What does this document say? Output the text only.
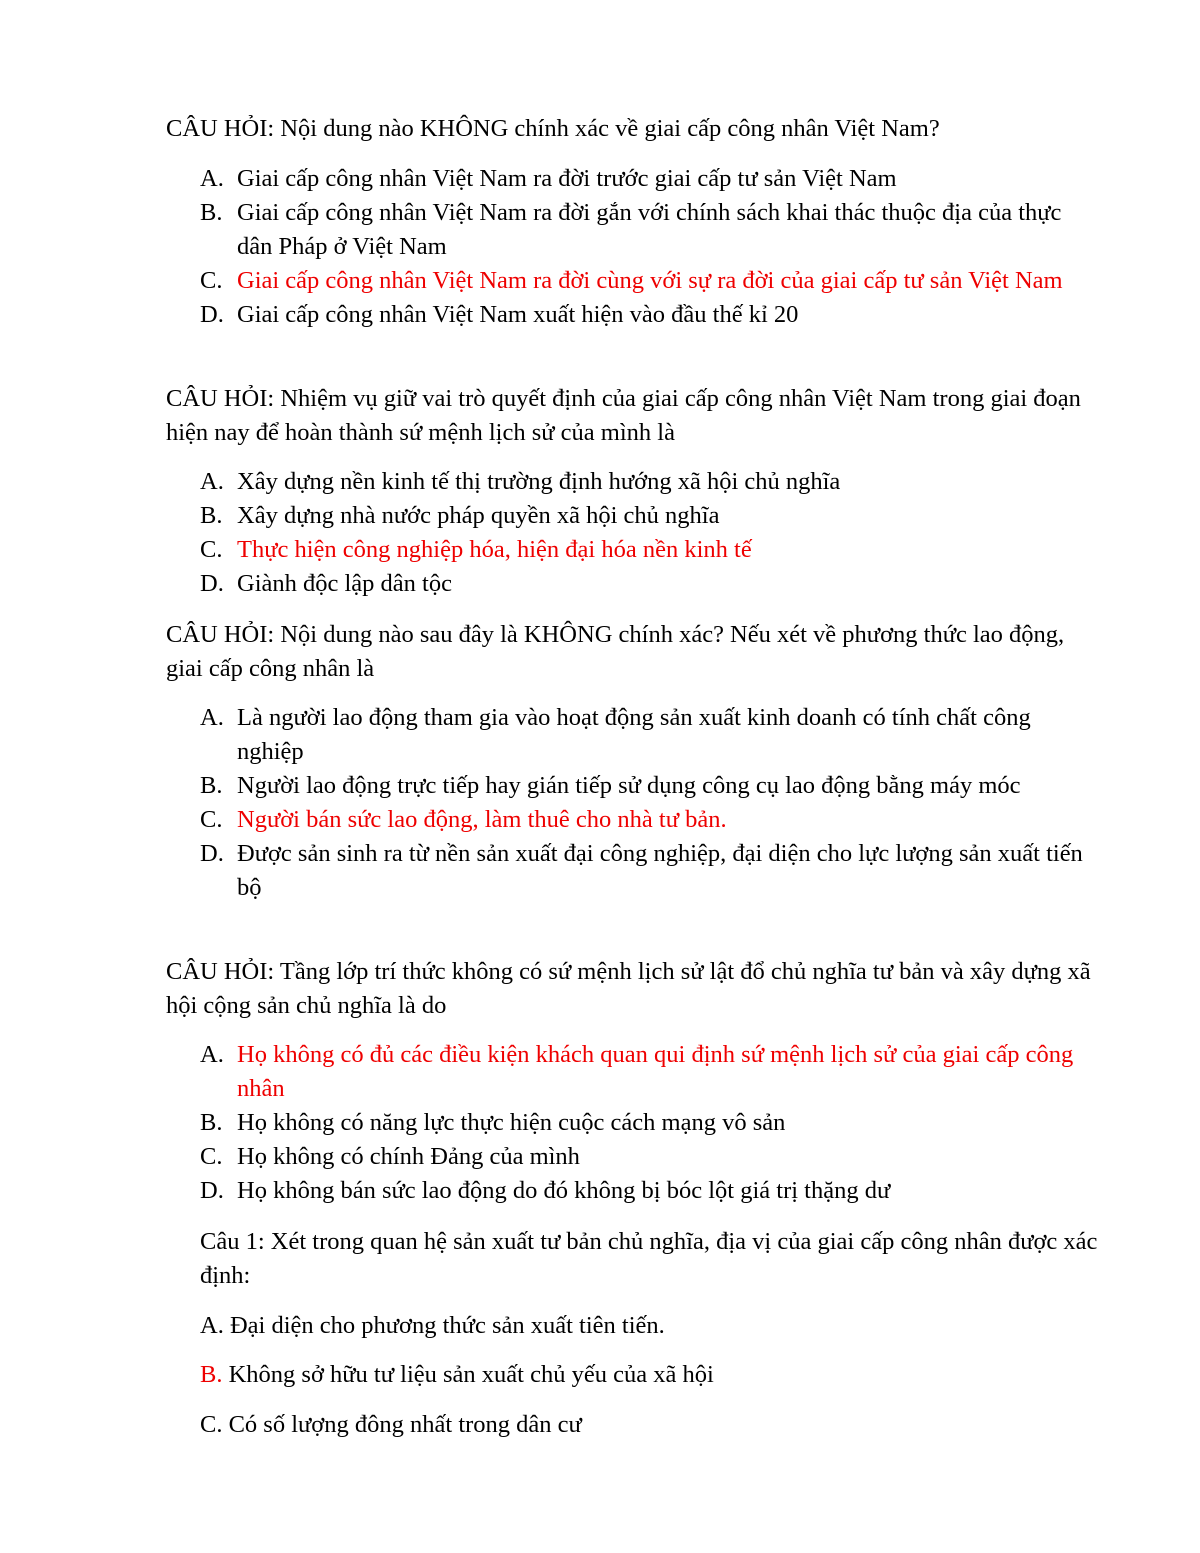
CÂU HỎI: Nội dung nào KHÔNG chính xác về giai cấp công nhân Việt Nam?

A. Giai cấp công nhân Việt Nam ra đời trước giai cấp tư sản Việt Nam
B. Giai cấp công nhân Việt Nam ra đời gắn với chính sách khai thác thuộc địa của thực dân Pháp ở Việt Nam
C. Giai cấp công nhân Việt Nam ra đời cùng với sự ra đời của giai cấp tư sản Việt Nam
D. Giai cấp công nhân Việt Nam xuất hiện vào đầu thế kỉ 20

CÂU HỎI: Nhiệm vụ giữ vai trò quyết định của giai cấp công nhân Việt Nam trong giai đoạn hiện nay để hoàn thành sứ mệnh lịch sử của mình là

A. Xây dựng nền kinh tế thị trường định hướng xã hội chủ nghĩa
B. Xây dựng nhà nước pháp quyền xã hội chủ nghĩa
C. Thực hiện công nghiệp hóa, hiện đại hóa nền kinh tế
D. Giành độc lập dân tộc

CÂU HỎI: Nội dung nào sau đây là KHÔNG chính xác? Nếu xét về phương thức lao động, giai cấp công nhân là

A. Là người lao động tham gia vào hoạt động sản xuất kinh doanh có tính chất công nghiệp
B. Người lao động trực tiếp hay gián tiếp sử dụng công cụ lao động bằng máy móc
C. Người bán sức lao động, làm thuê cho nhà tư bản.
D. Được sản sinh ra từ nền sản xuất đại công nghiệp, đại diện cho lực lượng sản xuất tiến bộ

CÂU HỎI: Tầng lớp trí thức không có sứ mệnh lịch sử lật đổ chủ nghĩa tư bản và xây dựng xã hội cộng sản chủ nghĩa là do

A. Họ không có đủ các điều kiện khách quan qui định sứ mệnh lịch sử của giai cấp công nhân
B. Họ không có năng lực thực hiện cuộc cách mạng vô sản
C. Họ không có chính Đảng của mình
D. Họ không bán sức lao động do đó không bị bóc lột giá trị thặng dư

Câu 1: Xét trong quan hệ sản xuất tư bản chủ nghĩa, địa vị của giai cấp công nhân được xác định:

A. Đại diện cho phương thức sản xuất tiên tiến.

B. Không sở hữu tư liệu sản xuất chủ yếu của xã hội

C. Có số lượng đông nhất trong dân cư
